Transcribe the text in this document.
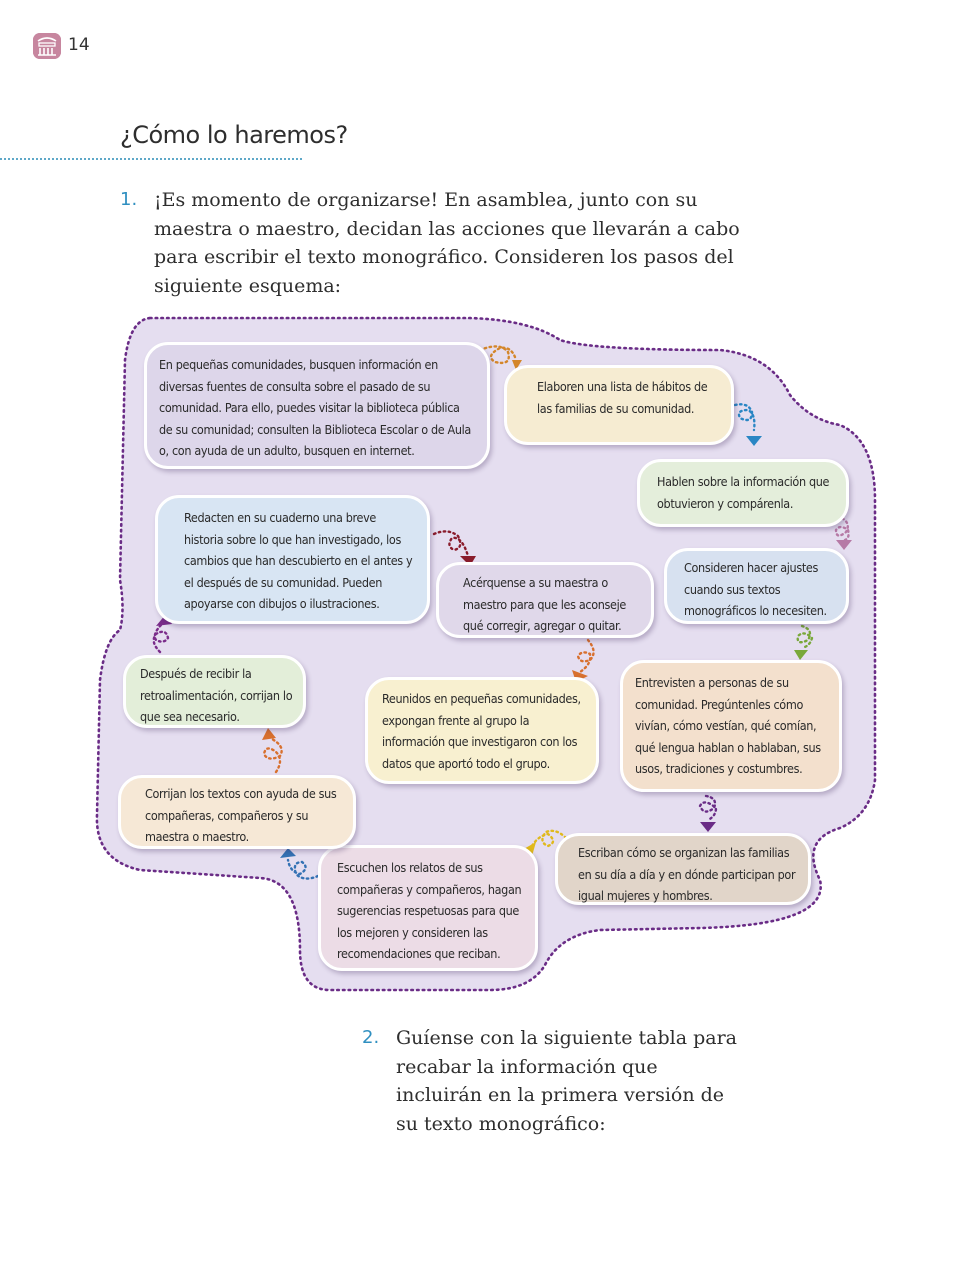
14
¿Cómo lo haremos?
1. ¡Es momento de organizarse! En asamblea, junto con su maestra o maestro, decidan las acciones que llevarán a cabo para escribir el texto monográfico. Consideren los pasos del siguiente esquema:
En pequeñas comunidades, busquen información en diversas fuentes de consulta sobre el pasado de su comunidad. Para ello, puedes visitar la biblioteca pública de su comunidad; consulten la Biblioteca Escolar o de Aula o, con ayuda de un adulto, busquen en internet.
Elaboren una lista de hábitos de las familias de su comunidad.
Hablen sobre la información que obtuvieron y compárenla.
Consideren hacer ajustes cuando sus textos monográficos lo necesiten.
Entrevisten a personas de su comunidad. Pregúntenles cómo vivían, cómo vestían, qué comían, qué lengua hablan o hablaban, sus usos, tradiciones y costumbres.
Escriban cómo se organizan las familias en su día a día y en dónde participan por igual mujeres y hombres.
Escuchen los relatos de sus compañeras y compañeros, hagan sugerencias respetuosas para que los mejoren y consideren las recomendaciones que reciban.
Corrijan los textos con ayuda de sus compañeras, compañeros y su maestra o maestro.
Después de recibir la retroalimentación, corrijan lo que sea necesario.
Reunidos en pequeñas comunidades, expongan frente al grupo la información que investigaron con los datos que aportó todo el grupo.
Acérquense a su maestra o maestro para que les aconseje qué corregir, agregar o quitar.
Redacten en su cuaderno una breve historia sobre lo que han investigado, los cambios que han descubierto en el antes y el después de su comunidad. Pueden apoyarse con dibujos o ilustraciones.
2. Guíense con la siguiente tabla para recabar la información que incluirán en la primera versión de su texto monográfico:
